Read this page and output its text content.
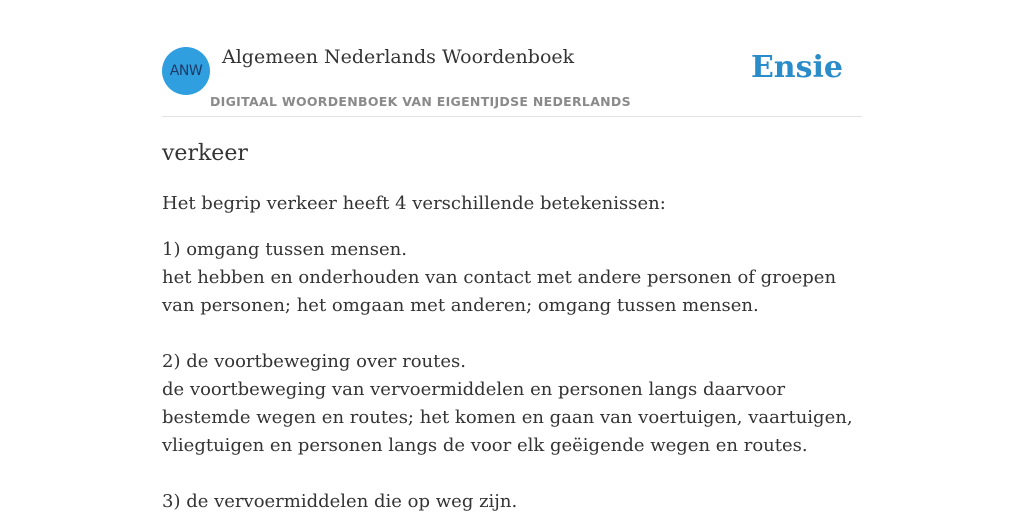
ANW
Algemeen Nederlands Woordenboek
DIGITAAL WOORDENBOEK VAN EIGENTIJDSE NEDERLANDS
Ensie
verkeer

Het begrip verkeer heeft 4 verschillende betekenissen:

1) omgang tussen mensen.
het hebben en onderhouden van contact met andere personen of groepen van personen; het omgaan met anderen; omgang tussen mensen.
2) de voortbeweging over routes.
de voortbeweging van vervoermiddelen en personen langs daarvoor bestemde wegen en routes; het komen en gaan van voertuigen, vaartuigen, vliegtuigen en personen langs de voor elk geëigende wegen en routes.
3) de vervoermiddelen die op weg zijn.
